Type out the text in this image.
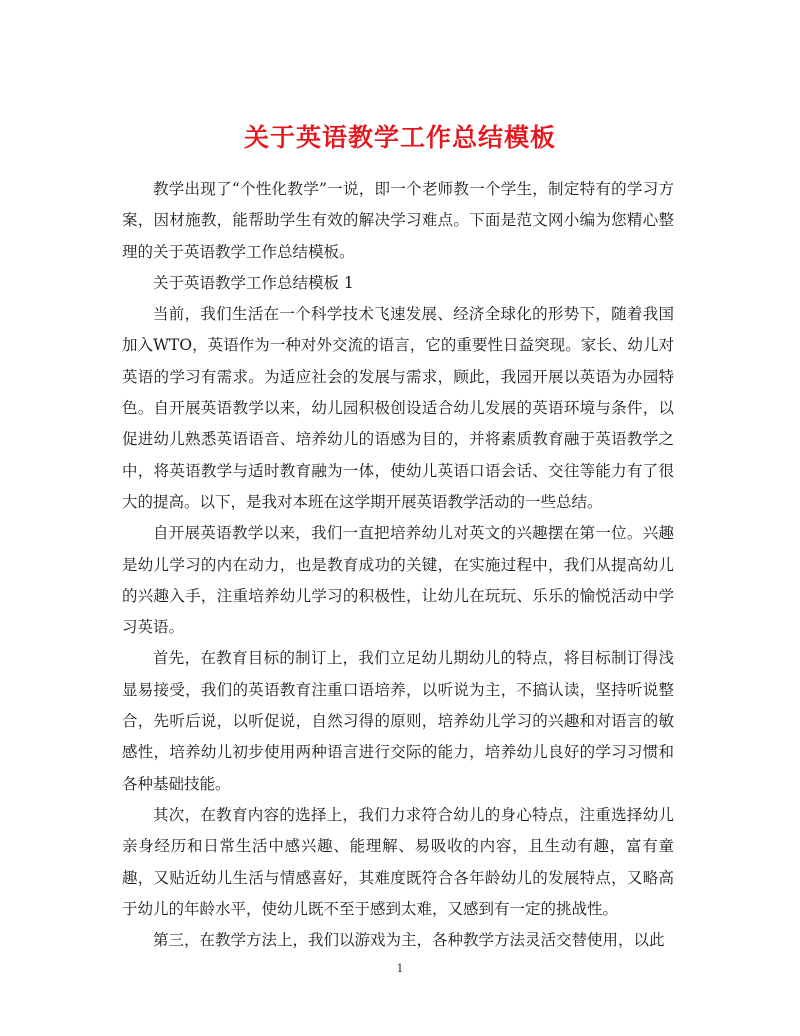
关于英语教学工作总结模板

教学出现了“个性化教学”一说，即一个老师教一个学生，制定特有的学习方案，因材施教，能帮助学生有效的解决学习难点。下面是范文网小编为您精心整理的关于英语教学工作总结模板。

关于英语教学工作总结模板 1

当前，我们生活在一个科学技术飞速发展、经济全球化的形势下，随着我国加入WTO，英语作为一种对外交流的语言，它的重要性日益突现。家长、幼儿对英语的学习有需求。为适应社会的发展与需求，顾此，我园开展以英语为办园特色。自开展英语教学以来，幼儿园积极创设适合幼儿发展的英语环境与条件，以促进幼儿熟悉英语语音、培养幼儿的语感为目的，并将素质教育融于英语教学之中，将英语教学与适时教育融为一体，使幼儿英语口语会话、交往等能力有了很大的提高。以下，是我对本班在这学期开展英语教学活动的一些总结。

自开展英语教学以来，我们一直把培养幼儿对英文的兴趣摆在第一位。兴趣是幼儿学习的内在动力，也是教育成功的关键，在实施过程中，我们从提高幼儿的兴趣入手，注重培养幼儿学习的积极性，让幼儿在玩玩、乐乐的愉悦活动中学习英语。

首先，在教育目标的制订上，我们立足幼儿期幼儿的特点，将目标制订得浅显易接受，我们的英语教育注重口语培养，以听说为主，不搞认读，坚持听说整合，先听后说，以听促说，自然习得的原则，培养幼儿学习的兴趣和对语言的敏感性，培养幼儿初步使用两种语言进行交际的能力，培养幼儿良好的学习习惯和各种基础技能。

其次，在教育内容的选择上，我们力求符合幼儿的身心特点，注重选择幼儿亲身经历和日常生活中感兴趣、能理解、易吸收的内容，且生动有趣，富有童趣，又贴近幼儿生活与情感喜好，其难度既符合各年龄幼儿的发展特点，又略高于幼儿的年龄水平，使幼儿既不至于感到太难，又感到有一定的挑战性。

第三，在教学方法上，我们以游戏为主，各种教学方法灵活交替使用，以此

1
